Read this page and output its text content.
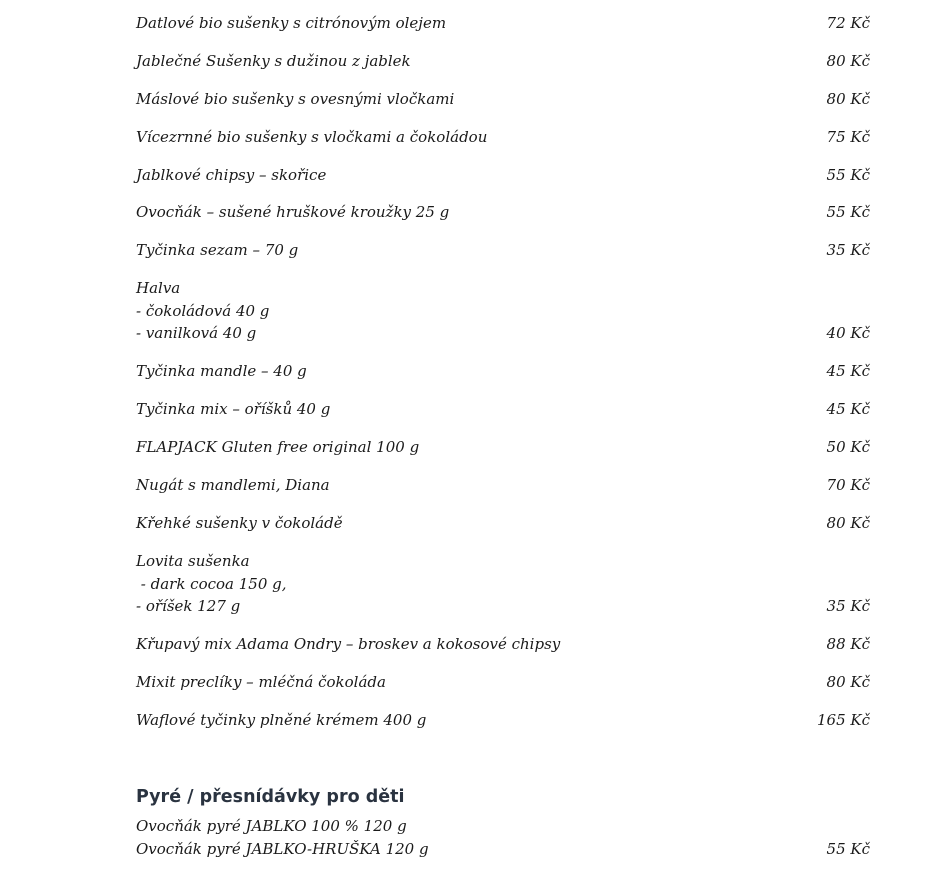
Datlové bio sušenky s citrónovým olejem	72 Kč
Jablečné Sušenky s dužinou z jablek	80 Kč
Máslové bio sušenky s ovesnými vločkami	80 Kč
Vícezrnné bio sušenky s vločkami a čokoládou	75 Kč
Jablkové chipsy – skořice	55 Kč
Ovocňák – sušené hruškové kroužky 25 g	55 Kč
Tyčinka sezam – 70 g	35 Kč
Halva
- čokoládová 40 g
- vanilková 40 g	40 Kč
Tyčinka mandle – 40 g	45 Kč
Tyčinka mix – oříšků 40 g	45 Kč
FLAPJACK Gluten free original 100 g	50 Kč
Nugát s mandlemi, Diana	70 Kč
Křehké sušenky v čokoládě	80 Kč
Lovita sušenka
- dark cocoa 150 g,
- oříšek 127 g	35 Kč
Křupavý mix Adama Ondry – broskev a kokosové chipsy	88 Kč
Mixit preclíky – mléčná čokoláda	80 Kč
Waflové tyčinky plněné krémem 400 g	165 Kč
Pyré / přesnídávky pro děti
Ovocňák pyré JABLKO 100 % 120 g
Ovocňák pyré JABLKO-HRUŠKA 120 g	55 Kč
